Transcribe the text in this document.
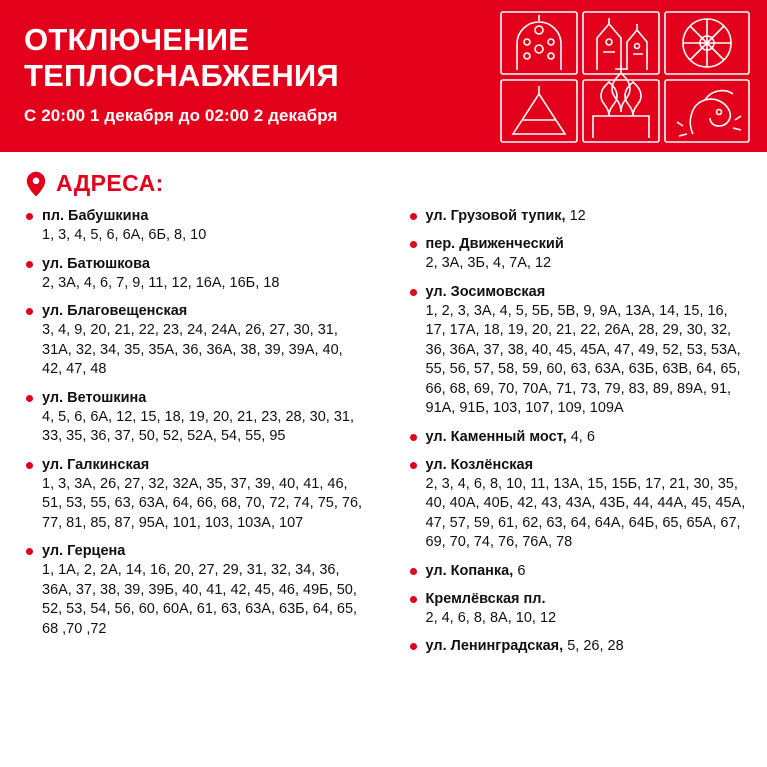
ОТКЛЮЧЕНИЕ ТЕПЛОСНАБЖЕНИЯ
С 20:00 1 декабря до 02:00 2 декабря
АДРЕСА:
пл. Бабушкина
1, 3, 4, 5, 6, 6А, 6Б, 8, 10
ул. Батюшкова
2, 3А, 4, 6, 7, 9, 11, 12, 16А, 16Б, 18
ул. Благовещенская
3, 4, 9, 20, 21, 22, 23, 24, 24А, 26, 27, 30, 31, 31А, 32, 34, 35, 35А, 36, 36А, 38, 39, 39А, 40, 42, 47, 48
ул. Ветошкина
4, 5, 6, 6А, 12, 15, 18, 19, 20, 21, 23, 28, 30, 31, 33, 35, 36, 37, 50, 52, 52А, 54, 55, 95
ул. Галкинская
1, 3, 3А, 26, 27, 32, 32А, 35, 37, 39, 40, 41, 46, 51, 53, 55, 63, 63А, 64, 66, 68, 70, 72, 74, 75, 76, 77, 81, 85, 87, 95А, 101, 103, 103А, 107
ул. Герцена
1, 1А, 2, 2А, 14, 16, 20, 27, 29, 31, 32, 34, 36, 36А, 37, 38, 39, 39Б, 40, 41, 42, 45, 46, 49Б, 50, 52, 53, 54, 56, 60, 60А, 61, 63, 63А, 63Б, 64, 65, 68 ,70 ,72
ул. Грузовой тупик, 12
пер. Движенческий
2, 3А, 3Б, 4, 7А, 12
ул. Зосимовская
1, 2, 3, 3А, 4, 5, 5Б, 5В, 9, 9А, 13А, 14, 15, 16, 17, 17А, 18, 19, 20, 21, 22, 26А, 28, 29, 30, 32, 36, 36А, 37, 38, 40, 45, 45А, 47, 49, 52, 53, 53А, 55, 56, 57, 58, 59, 60, 63, 63А, 63Б, 63В, 64, 65, 66, 68, 69, 70, 70А, 71, 73, 79, 83, 89, 89А, 91, 91А, 91Б, 103, 107, 109, 109А
ул. Каменный мост, 4, 6
ул. Козлёнская
2, 3, 4, 6, 8, 10, 11, 13А, 15, 15Б, 17, 21, 30, 35, 40, 40А, 40Б, 42, 43, 43А, 43Б, 44, 44А, 45, 45А, 47, 57, 59, 61, 62, 63, 64, 64А, 64Б, 65, 65А, 67, 69, 70, 74, 76, 76А, 78
ул. Копанка, 6
Кремлёвская пл.
2, 4, 6, 8, 8А, 10, 12
ул. Ленинградская, 5, 26, 28
